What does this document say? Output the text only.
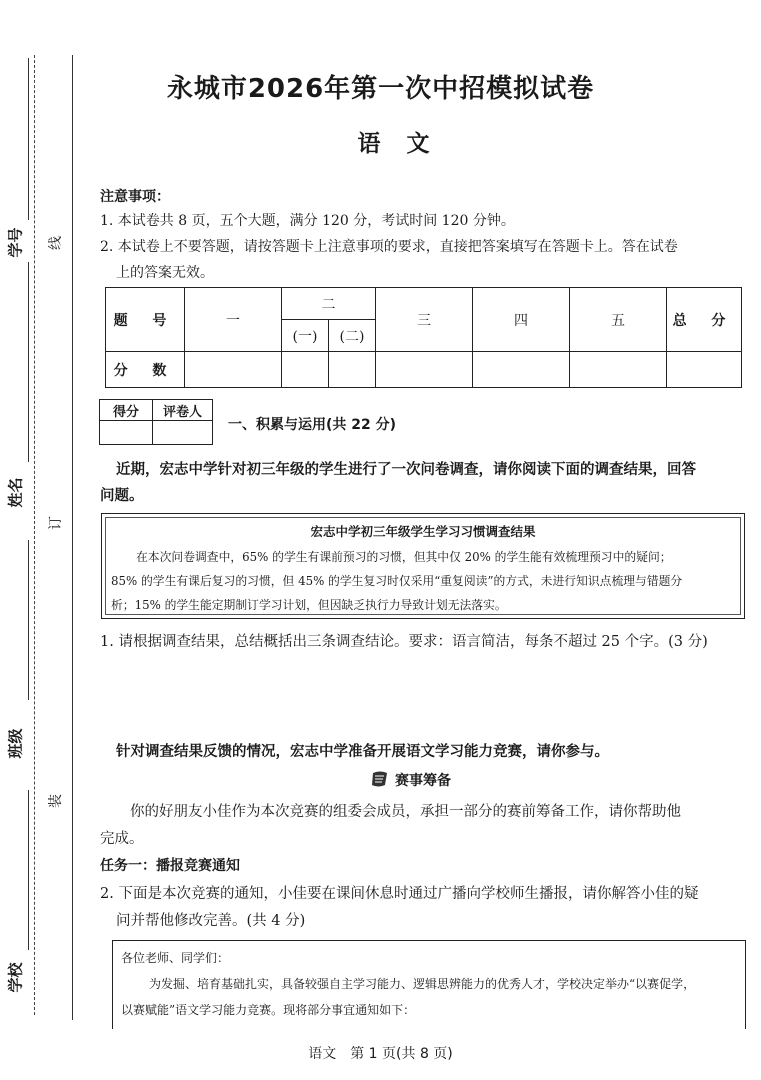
学号
姓名
班级
学校
线
订
装
永城市2026年第一次中招模拟试卷
语文
注意事项：
1. 本试卷共 8 页，五个大题，满分 120 分，考试时间 120 分钟。
2. 本试卷上不要答题，请按答题卡上注意事项的要求，直接把答案填写在答题卡上。答在试卷
上的答案无效。
题 号	一	二		三	四	五	总 分
		(一)	(二)				
分 数							
得分	评卷人

一、积累与运用(共 22 分)
近期，宏志中学针对初三年级的学生进行了一次问卷调查，请你阅读下面的调查结果，回答
问题。
宏志中学初三年级学生学习习惯调查结果
在本次问卷调查中，65% 的学生有课前预习的习惯，但其中仅 20% 的学生能有效梳理预习中的疑问；
85% 的学生有课后复习的习惯，但 45% 的学生复习时仅采用“重复阅读”的方式，未进行知识点梳理与错题分
析；15% 的学生能定期制订学习计划，但因缺乏执行力导致计划无法落实。
1. 请根据调查结果，总结概括出三条调查结论。要求：语言简洁，每条不超过 25 个字。(3 分)
针对调查结果反馈的情况，宏志中学准备开展语文学习能力竞赛，请你参与。
赛事筹备
你的好朋友小佳作为本次竞赛的组委会成员，承担一部分的赛前筹备工作，请你帮助他
完成。
任务一：播报竞赛通知
2. 下面是本次竞赛的通知，小佳要在课间休息时通过广播向学校师生播报，请你解答小佳的疑
问并帮他修改完善。(共 4 分)
各位老师、同学们：
为发掘、培育基础扎实，具备较强自主学习能力、逻辑思辨能力的优秀人才，学校决定举办“以赛促学，
以赛赋能”语文学习能力竞赛。现将部分事宜通知如下：
语文　第 1 页(共 8 页)
